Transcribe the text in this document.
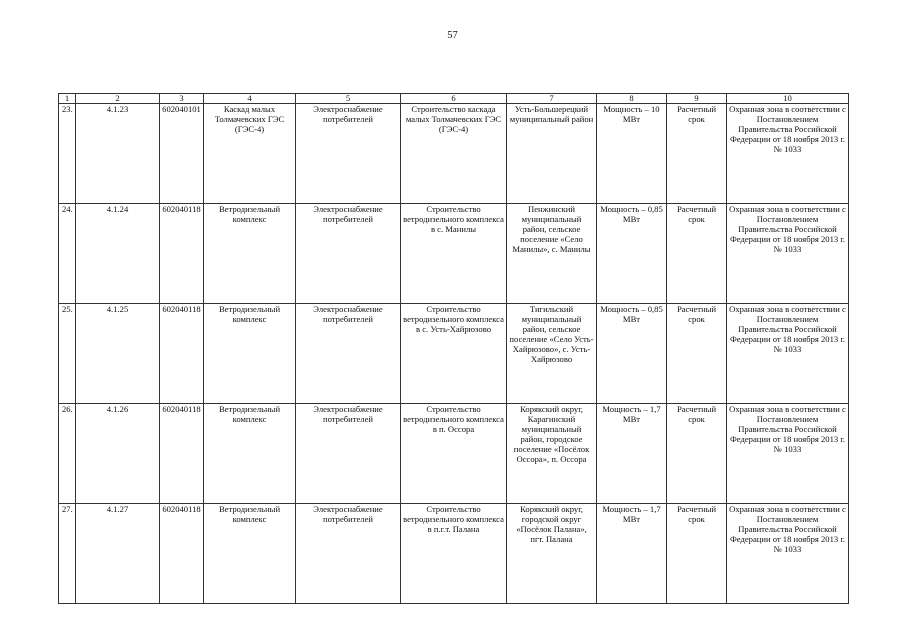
57
1	2	3	4	5	6	7	8	9	10
23.	4.1.23	602040101	Каскад малых Толмачевских ГЭС (ГЭС-4)	Электроснабжение потребителей	Строительство каскада малых Толмачевских ГЭС (ГЭС-4)	Усть-Большерецкий муниципальный район	Мощность – 10 МВт	Расчетный срок	Охранная зона в соответствии с Постановлением Правительства Российской Федерации от 18 ноября 2013 г. № 1033
24.	4.1.24	602040118	Ветродизельный комплекс	Электроснабжение потребителей	Строительство ветродизельного комплекса в с. Манилы	Пенжинский муниципальный район, сельское поселение «Село Манилы», с. Манилы	Мощность – 0,85 МВт	Расчетный срок	Охранная зона в соответствии с Постановлением Правительства Российской Федерации от 18 ноября 2013 г. № 1033
25.	4.1.25	602040118	Ветродизельный комплекс	Электроснабжение потребителей	Строительство ветродизельного комплекса в с. Усть-Хайрюзово	Тигильский муниципальный район, сельское поселение «Село Усть-Хайрюзово», с. Усть-Хайрюзово	Мощность – 0,85 МВт	Расчетный срок	Охранная зона в соответствии с Постановлением Правительства Российской Федерации от 18 ноября 2013 г. № 1033
26.	4.1.26	602040118	Ветродизельный комплекс	Электроснабжение потребителей	Строительство ветродизельного комплекса в п. Оссора	Корякский округ, Карагинский муниципальный район, городское поселение «Посёлок Оссора», п. Оссора	Мощность – 1,7 МВт	Расчетный срок	Охранная зона в соответствии с Постановлением Правительства Российской Федерации от 18 ноября 2013 г. № 1033
27.	4.1.27	602040118	Ветродизельный комплекс	Электроснабжение потребителей	Строительство ветродизельного комплекса в п.г.т. Палана	Корякский округ, городской округ «Посёлок Палана», пгт. Палана	Мощность – 1,7 МВт	Расчетный срок	Охранная зона в соответствии с Постановлением Правительства Российской Федерации от 18 ноября 2013 г. № 1033
